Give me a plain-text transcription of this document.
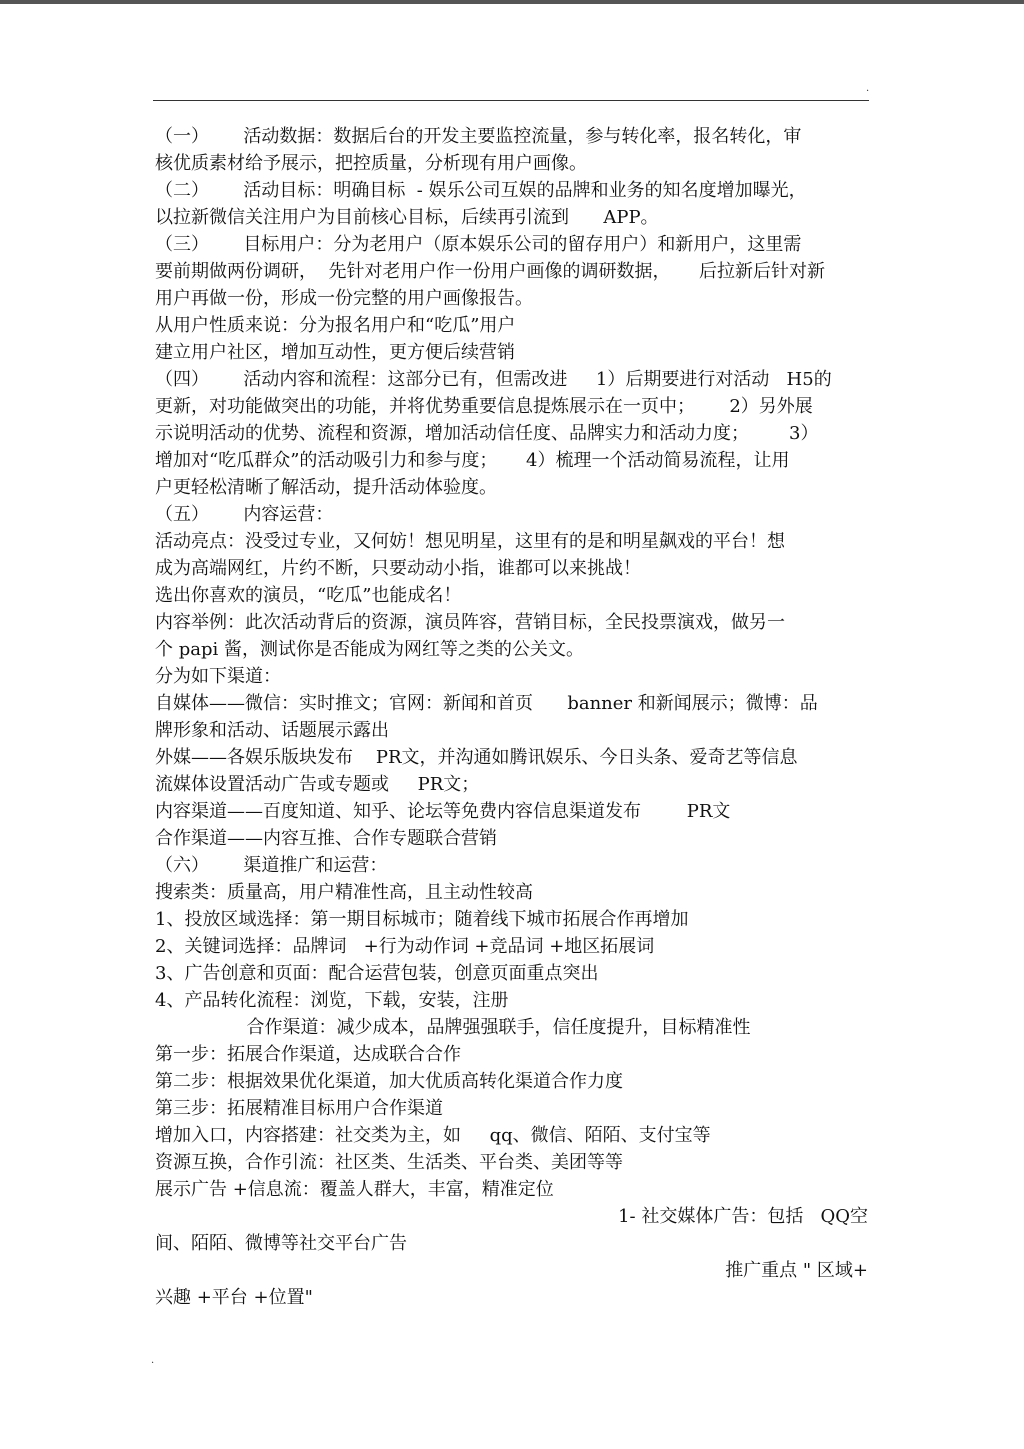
.
（一）      活动数据：数据后台的开发主要监控流量，参与转化率，报名转化，审
核优质素材给予展示，把控质量，分析现有用户画像。
（二）      活动目标：明确目标  - 娱乐公司互娱的品牌和业务的知名度增加曝光，
以拉新微信关注用户为目前核心目标，后续再引流到      APP。
（三）      目标用户：分为老用户（原本娱乐公司的留存用户）和新用户，这里需
要前期做两份调研，  先针对老用户作一份用户画像的调研数据，     后拉新后针对新
用户再做一份，形成一份完整的用户画像报告。
从用户性质来说：分为报名用户和“吃瓜”用户
建立用户社区，增加互动性，更方便后续营销
（四）      活动内容和流程：这部分已有，但需改进     1）后期要进行对活动   H5的
更新，对功能做突出的功能，并将优势重要信息提炼展示在一页中；      2）另外展
示说明活动的优势、流程和资源，增加活动信任度、品牌实力和活动力度；       3）
增加对“吃瓜群众”的活动吸引力和参与度；     4）梳理一个活动简易流程，让用
户更轻松清晰了解活动，提升活动体验度。
（五）      内容运营：
活动亮点：没受过专业，又何妨！想见明星，这里有的是和明星飙戏的平台！想
成为高端网红，片约不断，只要动动小指，谁都可以来挑战！
选出你喜欢的演员，“吃瓜”也能成名！
内容举例：此次活动背后的资源，演员阵容，营销目标，全民投票演戏，做另一
个 papi 酱，测试你是否能成为网红等之类的公关文。
分为如下渠道：
自媒体——微信：实时推文；官网：新闻和首页      banner 和新闻展示；微博：品
牌形象和活动、话题展示露出
外媒——各娱乐版块发布    PR文，并沟通如腾讯娱乐、今日头条、爱奇艺等信息
流媒体设置活动广告或专题或     PR文；
内容渠道——百度知道、知乎、论坛等免费内容信息渠道发布        PR文
合作渠道——内容互推、合作专题联合营销
（六）      渠道推广和运营：
搜索类：质量高，用户精准性高，且主动性较高
1、投放区域选择：第一期目标城市；随着线下城市拓展合作再增加
2、关键词选择：品牌词   +行为动作词 +竞品词 +地区拓展词
3、广告创意和页面：配合运营包装，创意页面重点突出
4、产品转化流程：浏览，下载，安装，注册
合作渠道：减少成本，品牌强强联手，信任度提升，目标精准性
第一步：拓展合作渠道，达成联合合作
第二步：根据效果优化渠道，加大优质高转化渠道合作力度
第三步：拓展精准目标用户合作渠道
增加入口，内容搭建：社交类为主，如     qq、微信、陌陌、支付宝等
资源互换，合作引流：社区类、生活类、平台类、美团等等
展示广告 +信息流：覆盖人群大，丰富，精准定位
1- 社交媒体广告：包括   QQ空
间、陌陌、微博等社交平台广告
推广重点 " 区域+
兴趣 +平台 +位置"
.
